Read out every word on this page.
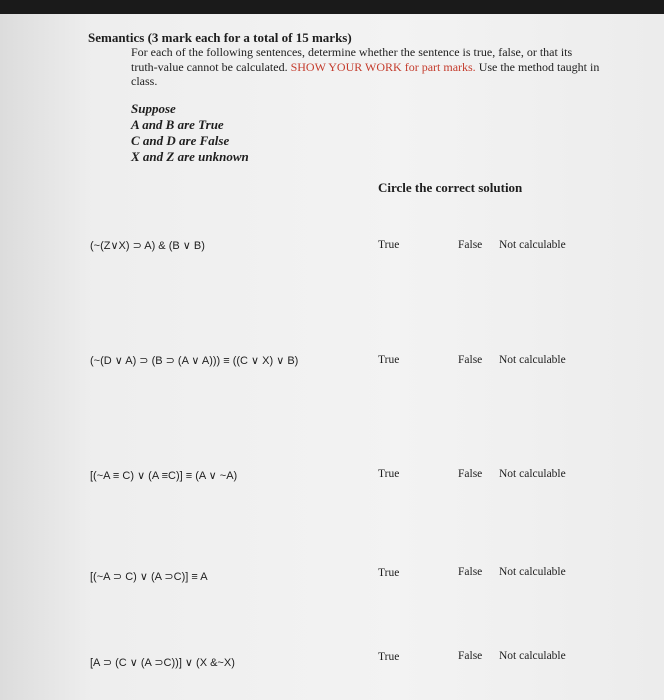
Semantics (3 mark each for a total of 15 marks)
For each of the following sentences, determine whether the sentence is true, false, or that its truth-value cannot be calculated. SHOW YOUR WORK for part marks. Use the method taught in class.
Suppose
A and B are True
C and D are False
X and Z are unknown
Circle the correct solution
(~(Z∨X) ⊃ A) & (B ∨ B)	True	False Not calculable
(~(D ∨ A) ⊃ (B ⊃ (A ∨ A))) ≡ ((C ∨ X) ∨ B)	True	False Not calculable
[(~A ≡ C) ∨ (A ≡C)] ≡ (A ∨ ~A)	True	False Not calculable
[(~A ⊃ C) ∨ (A ⊃C)] ≡ A	True	False Not calculable
[A ⊃ (C ∨ (A ⊃C))] ∨ (X &~X)	True	False Not calculable
